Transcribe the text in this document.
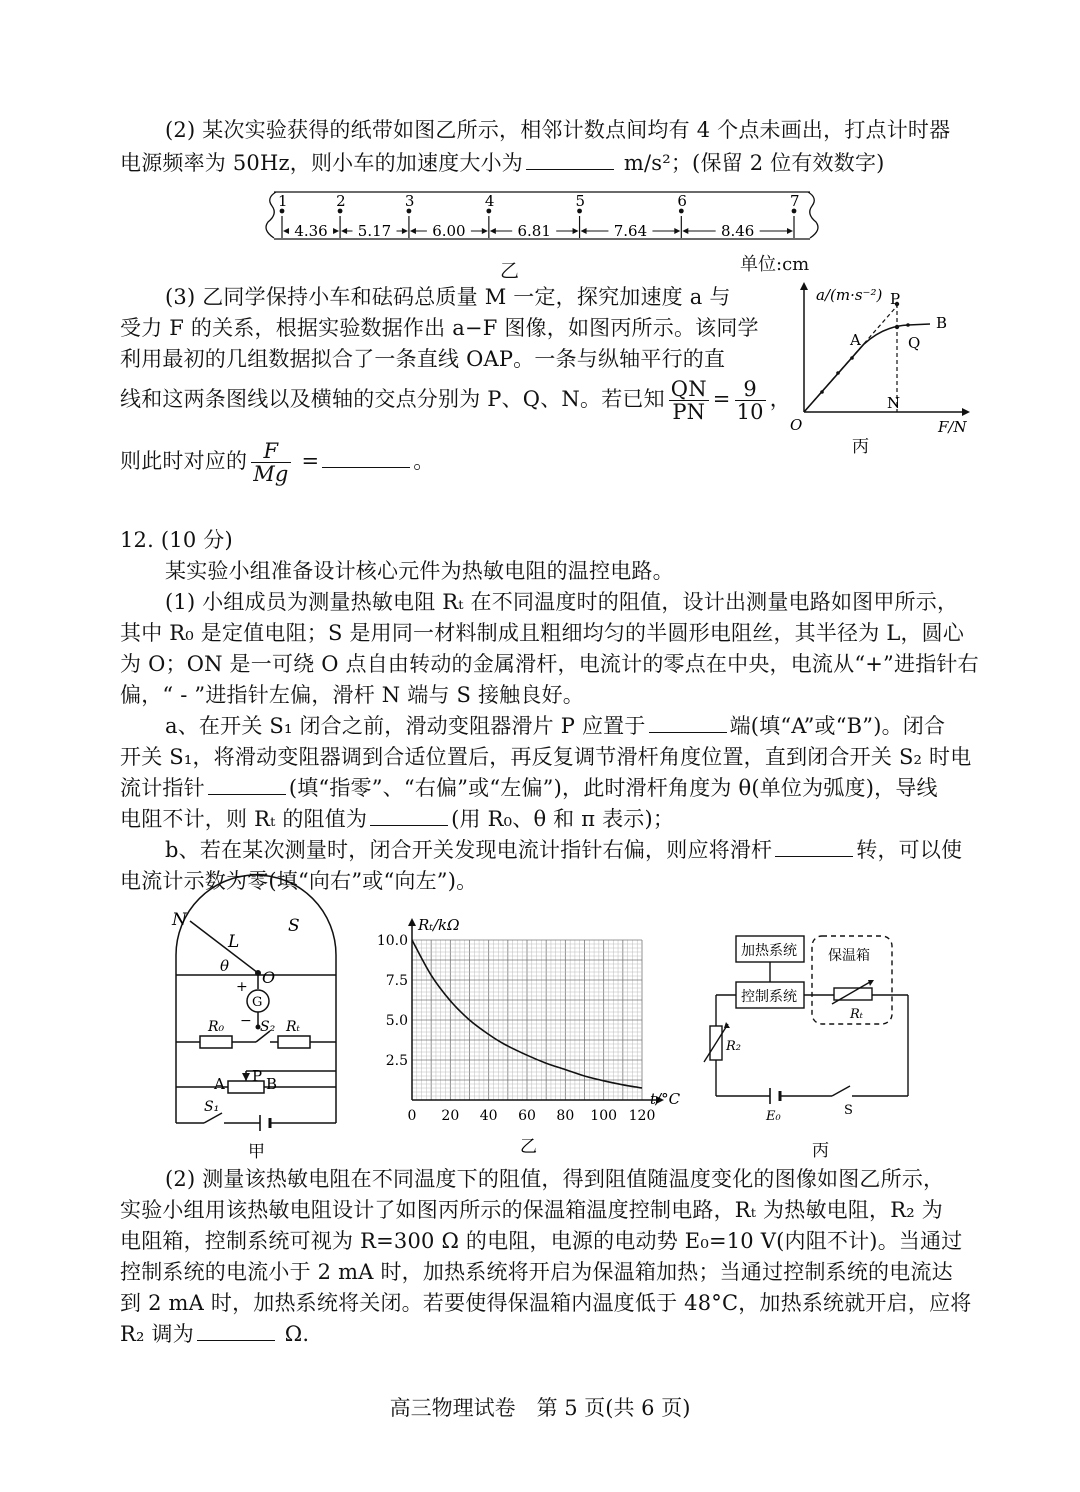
(2) 某次实验获得的纸带如图乙所示，相邻计数点间均有 4 个点未画出，打点计时器
电源频率为 50Hz，则小车的加速度大小为	m/s²；(保留 2 位有效数字)
1	2	3	4	5	6	7
4.36 5.17	6.00	6.81	7.64	8.46
乙	单位:cm
(3) 乙同学保持小车和砝码总质量 M 一定，探究加速度 a 与
受力 F 的关系，根据实验数据作出 a−F 图像，如图丙所示。该同学
利用最初的几组数据拟合了一条直线 OAP。一条与纵轴平行的直
线和这两条图线以及横轴的交点分别为 P、Q、N。若已知 $\frac{QN}{PN} = \frac{9}{10}$ ，
则此时对应的 $\frac{F}{Mg}$ =	。
a/(m·s⁻²)
F/N
O
P
B
A	Q
N
丙
12. (10 分)
某实验小组准备设计核心元件为热敏电阻的温控电路。
(1) 小组成员为测量热敏电阻 Rₜ 在不同温度时的阻值，设计出测量电路如图甲所示，
其中 R₀ 是定值电阻；S 是用同一材料制成且粗细均匀的半圆形电阻丝，其半径为 L，圆心
为 O；ON 是一可绕 O 点自由转动的金属滑杆，电流计的零点在中央，电流从“+”进指针右
偏，“ - ”进指针左偏，滑杆 N 端与 S 接触良好。
a、在开关 S₁ 闭合之前，滑动变阻器滑片 P 应置于	端(填“A”或“B”)。闭合
开关 S₁，将滑动变阻器调到合适位置后，再反复调节滑杆角度位置，直到闭合开关 S₂ 时电
流计指针	(填“指零”、“右偏”或“左偏”)，此时滑杆角度为 θ(单位为弧度)，导线
电阻不计，则 Rₜ 的阻值为	(用 R₀、θ 和 π 表示)；
b、若在某次测量时，闭合开关发现电流计指针右偏，则应将滑杆	转，可以使
电流计示数为零(填“向右”或“向左”)。
N	S
L
θ
O
G
+
−
R₀	S₂ Rₜ
A P B
S₁
甲
0 20 40 60 80 100 120
2.5
5.0
7.5
10.0
Rₜ/kΩ
t/°C
乙
加热系统
控制系统
保温箱
Rₜ
R₂
E₀	S
丙
(2) 测量该热敏电阻在不同温度下的阻值，得到阻值随温度变化的图像如图乙所示，
实验小组用该热敏电阻设计了如图丙所示的保温箱温度控制电路，Rₜ 为热敏电阻，R₂ 为
电阻箱，控制系统可视为 R=300 Ω 的电阻，电源的电动势 E₀=10 V(内阻不计)。当通过
控制系统的电流小于 2 mA 时，加热系统将开启为保温箱加热；当通过控制系统的电流达
到 2 mA 时，加热系统将关闭。若要使得保温箱内温度低于 48°C，加热系统就开启，应将
R₂ 调为	Ω.
高三物理试卷　第 5 页(共 6 页)
